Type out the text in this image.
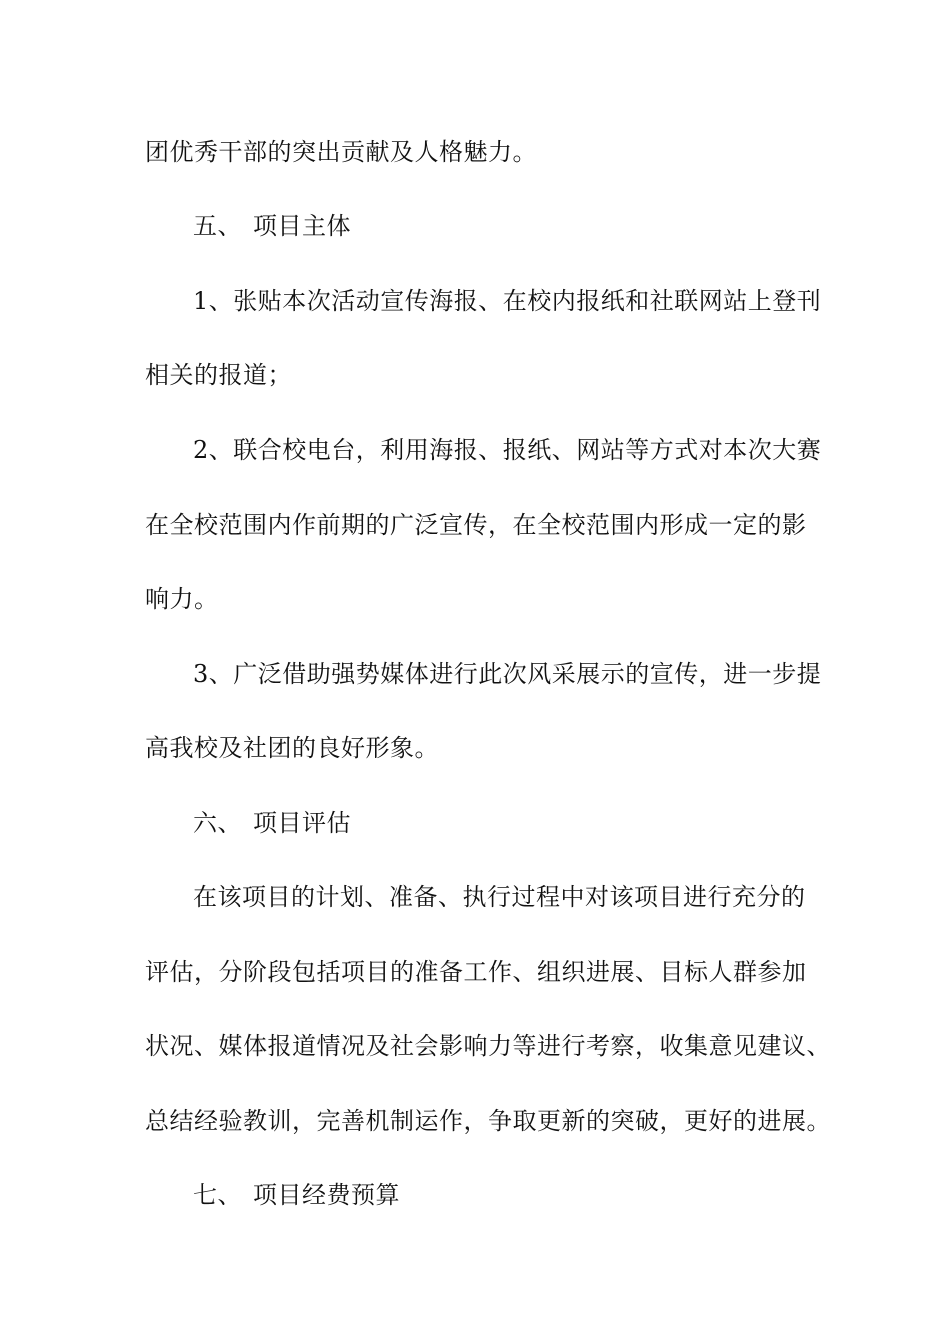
团优秀干部的突出贡献及人格魅力。
五、 项目主体
1、张贴本次活动宣传海报、在校内报纸和社联网站上登刊
相关的报道；
2、联合校电台，利用海报、报纸、网站等方式对本次大赛
在全校范围内作前期的广泛宣传，在全校范围内形成一定的影
响力。
3、广泛借助强势媒体进行此次风采展示的宣传，进一步提
高我校及社团的良好形象。
六、 项目评估
在该项目的计划、准备、执行过程中对该项目进行充分的
评估，分阶段包括项目的准备工作、组织进展、目标人群参加
状况、媒体报道情况及社会影响力等进行考察，收集意见建议、
总结经验教训，完善机制运作，争取更新的突破，更好的进展。
七、 项目经费预算
